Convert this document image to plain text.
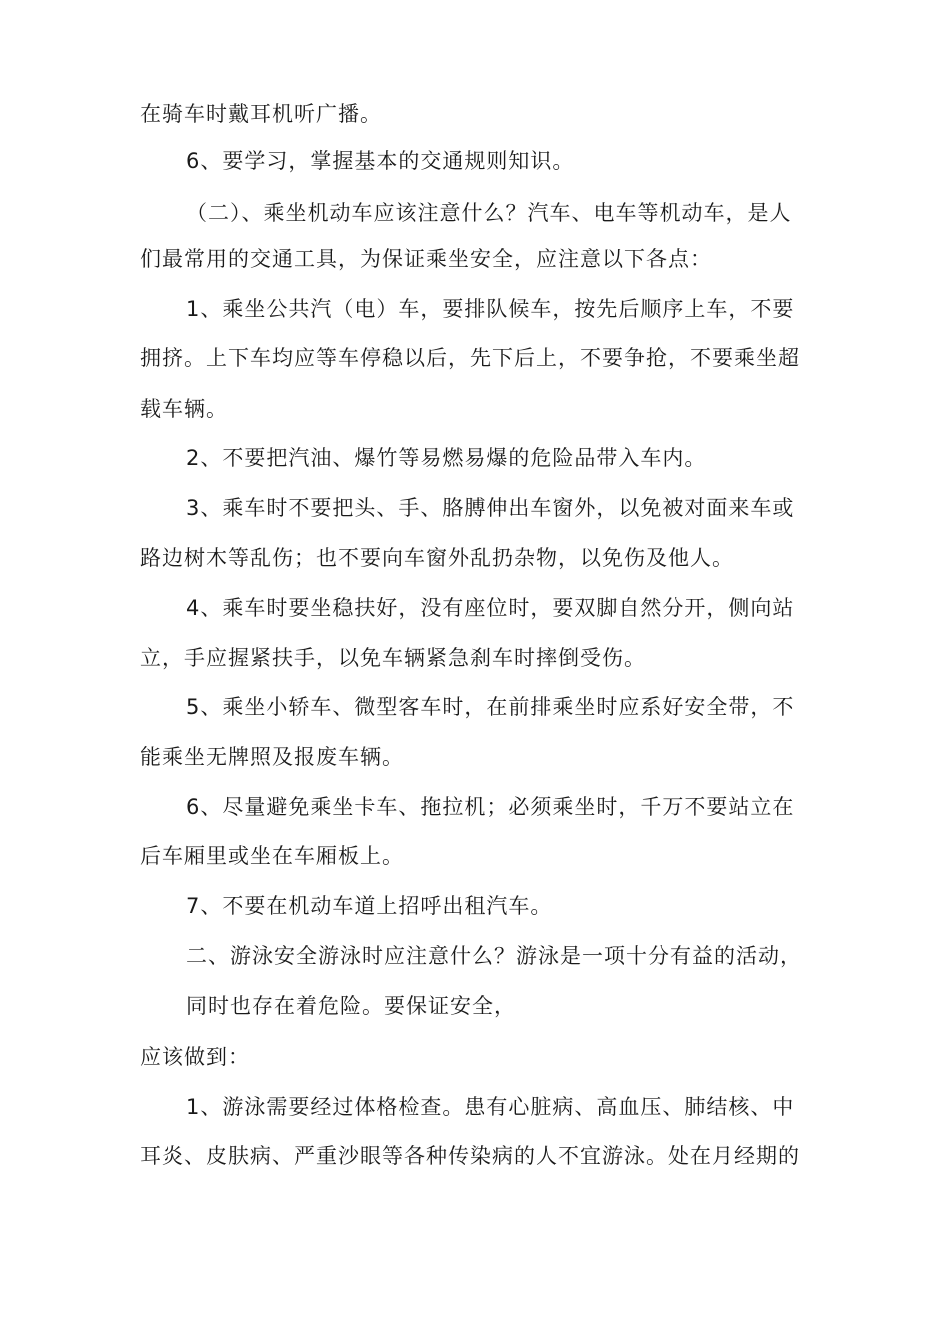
在骑车时戴耳机听广播。
6、要学习，掌握基本的交通规则知识。
（二）、乘坐机动车应该注意什么？汽车、电车等机动车，是人
们最常用的交通工具，为保证乘坐安全，应注意以下各点：
1、乘坐公共汽（电）车，要排队候车，按先后顺序上车，不要
拥挤。上下车均应等车停稳以后，先下后上，不要争抢，不要乘坐超
载车辆。
2、不要把汽油、爆竹等易燃易爆的危险品带入车内。
3、乘车时不要把头、手、胳膊伸出车窗外，以免被对面来车或
路边树木等乱伤；也不要向车窗外乱扔杂物，以免伤及他人。
4、乘车时要坐稳扶好，没有座位时，要双脚自然分开，侧向站
立，手应握紧扶手，以免车辆紧急刹车时摔倒受伤。
5、乘坐小轿车、微型客车时，在前排乘坐时应系好安全带，不
能乘坐无牌照及报废车辆。
6、尽量避免乘坐卡车、拖拉机；必须乘坐时，千万不要站立在
后车厢里或坐在车厢板上。
7、不要在机动车道上招呼出租汽车。
二、游泳安全游泳时应注意什么？游泳是一项十分有益的活动，
同时也存在着危险。要保证安全，
应该做到：
1、游泳需要经过体格检查。患有心脏病、高血压、肺结核、中
耳炎、皮肤病、严重沙眼等各种传染病的人不宜游泳。处在月经期的
